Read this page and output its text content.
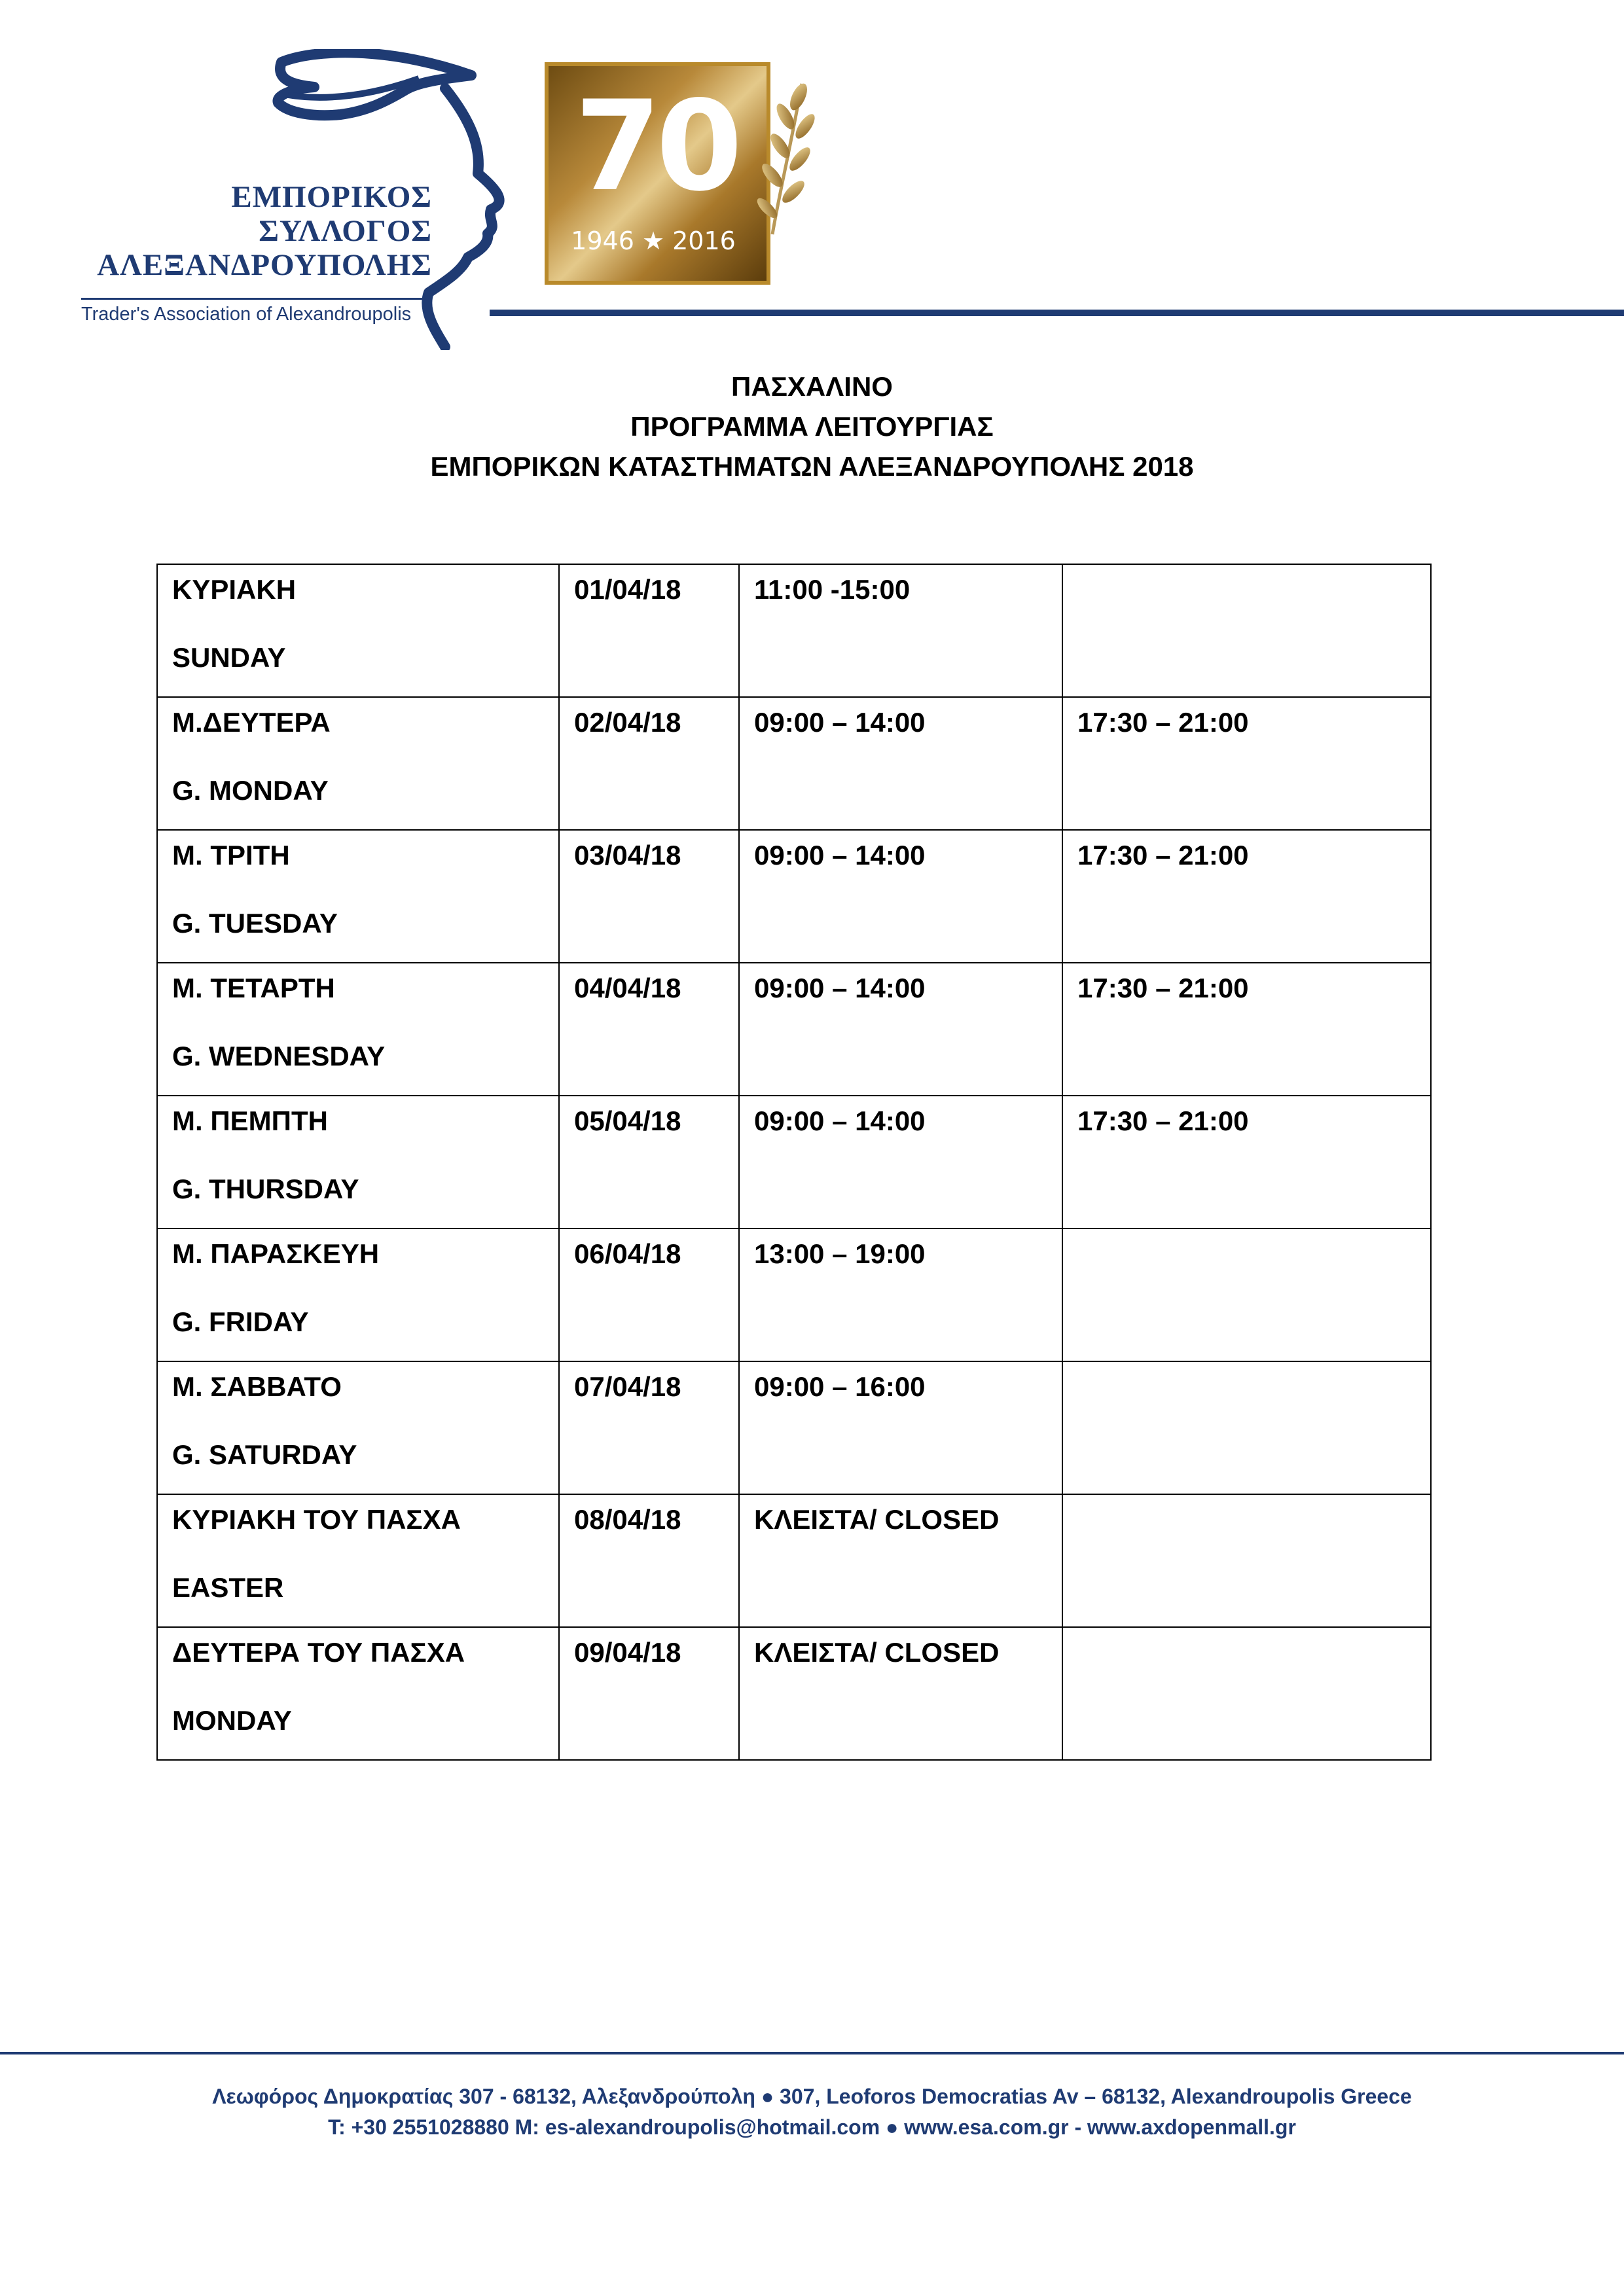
ΕΜΠΟΡΙΚΟΣ
ΣΥΛΛΟΓΟΣ
ΑΛΕΞΑΝΔΡΟΥΠΟΛΗΣ
Trader's Association of Alexandroupolis
70
1946 ★ 2016
ΠΑΣΧΑΛΙΝΟ
ΠΡΟΓΡΑΜΜΑ ΛΕΙΤΟΥΡΓΙΑΣ
ΕΜΠΟΡΙΚΩΝ ΚΑΤΑΣΤΗΜΑΤΩΝ ΑΛΕΞΑΝΔΡΟΥΠΟΛΗΣ 2018
ΚΥΡΙΑΚΗ
SUNDAY	01/04/18	11:00 -15:00	

Μ.ΔΕΥΤΕΡΑ
G. MONDAY	02/04/18	09:00 – 14:00	17:30 – 21:00

Μ. ΤΡΙΤΗ
G. TUESDAY	03/04/18	09:00 – 14:00	17:30 – 21:00

Μ. ΤΕΤΑΡΤΗ
G. WEDNESDAY	04/04/18	09:00 – 14:00	17:30 – 21:00

Μ. ΠΕΜΠΤΗ
G. THURSDAY	05/04/18	09:00 – 14:00	17:30 – 21:00

Μ. ΠΑΡΑΣΚΕΥΗ
G. FRIDAY	06/04/18	13:00 – 19:00	

Μ. ΣΑΒΒΑΤΟ
G. SATURDAY	07/04/18	09:00 – 16:00	

ΚΥΡΙΑΚΗ ΤΟΥ ΠΑΣΧΑ
EASTER	08/04/18	ΚΛΕΙΣΤΑ/ CLOSED	

ΔΕΥΤΕΡΑ ΤΟΥ ΠΑΣΧΑ
MONDAY	09/04/18	ΚΛΕΙΣΤΑ/ CLOSED	
Λεωφόρος Δημοκρατίας 307 - 68132, Αλεξανδρούπολη ● 307, Leoforos Democratias Av – 68132, Alexandroupolis Greece
T: +30 2551028880 M: es-alexandroupolis@hotmail.com ● www.esa.com.gr - www.axdopenmall.gr
